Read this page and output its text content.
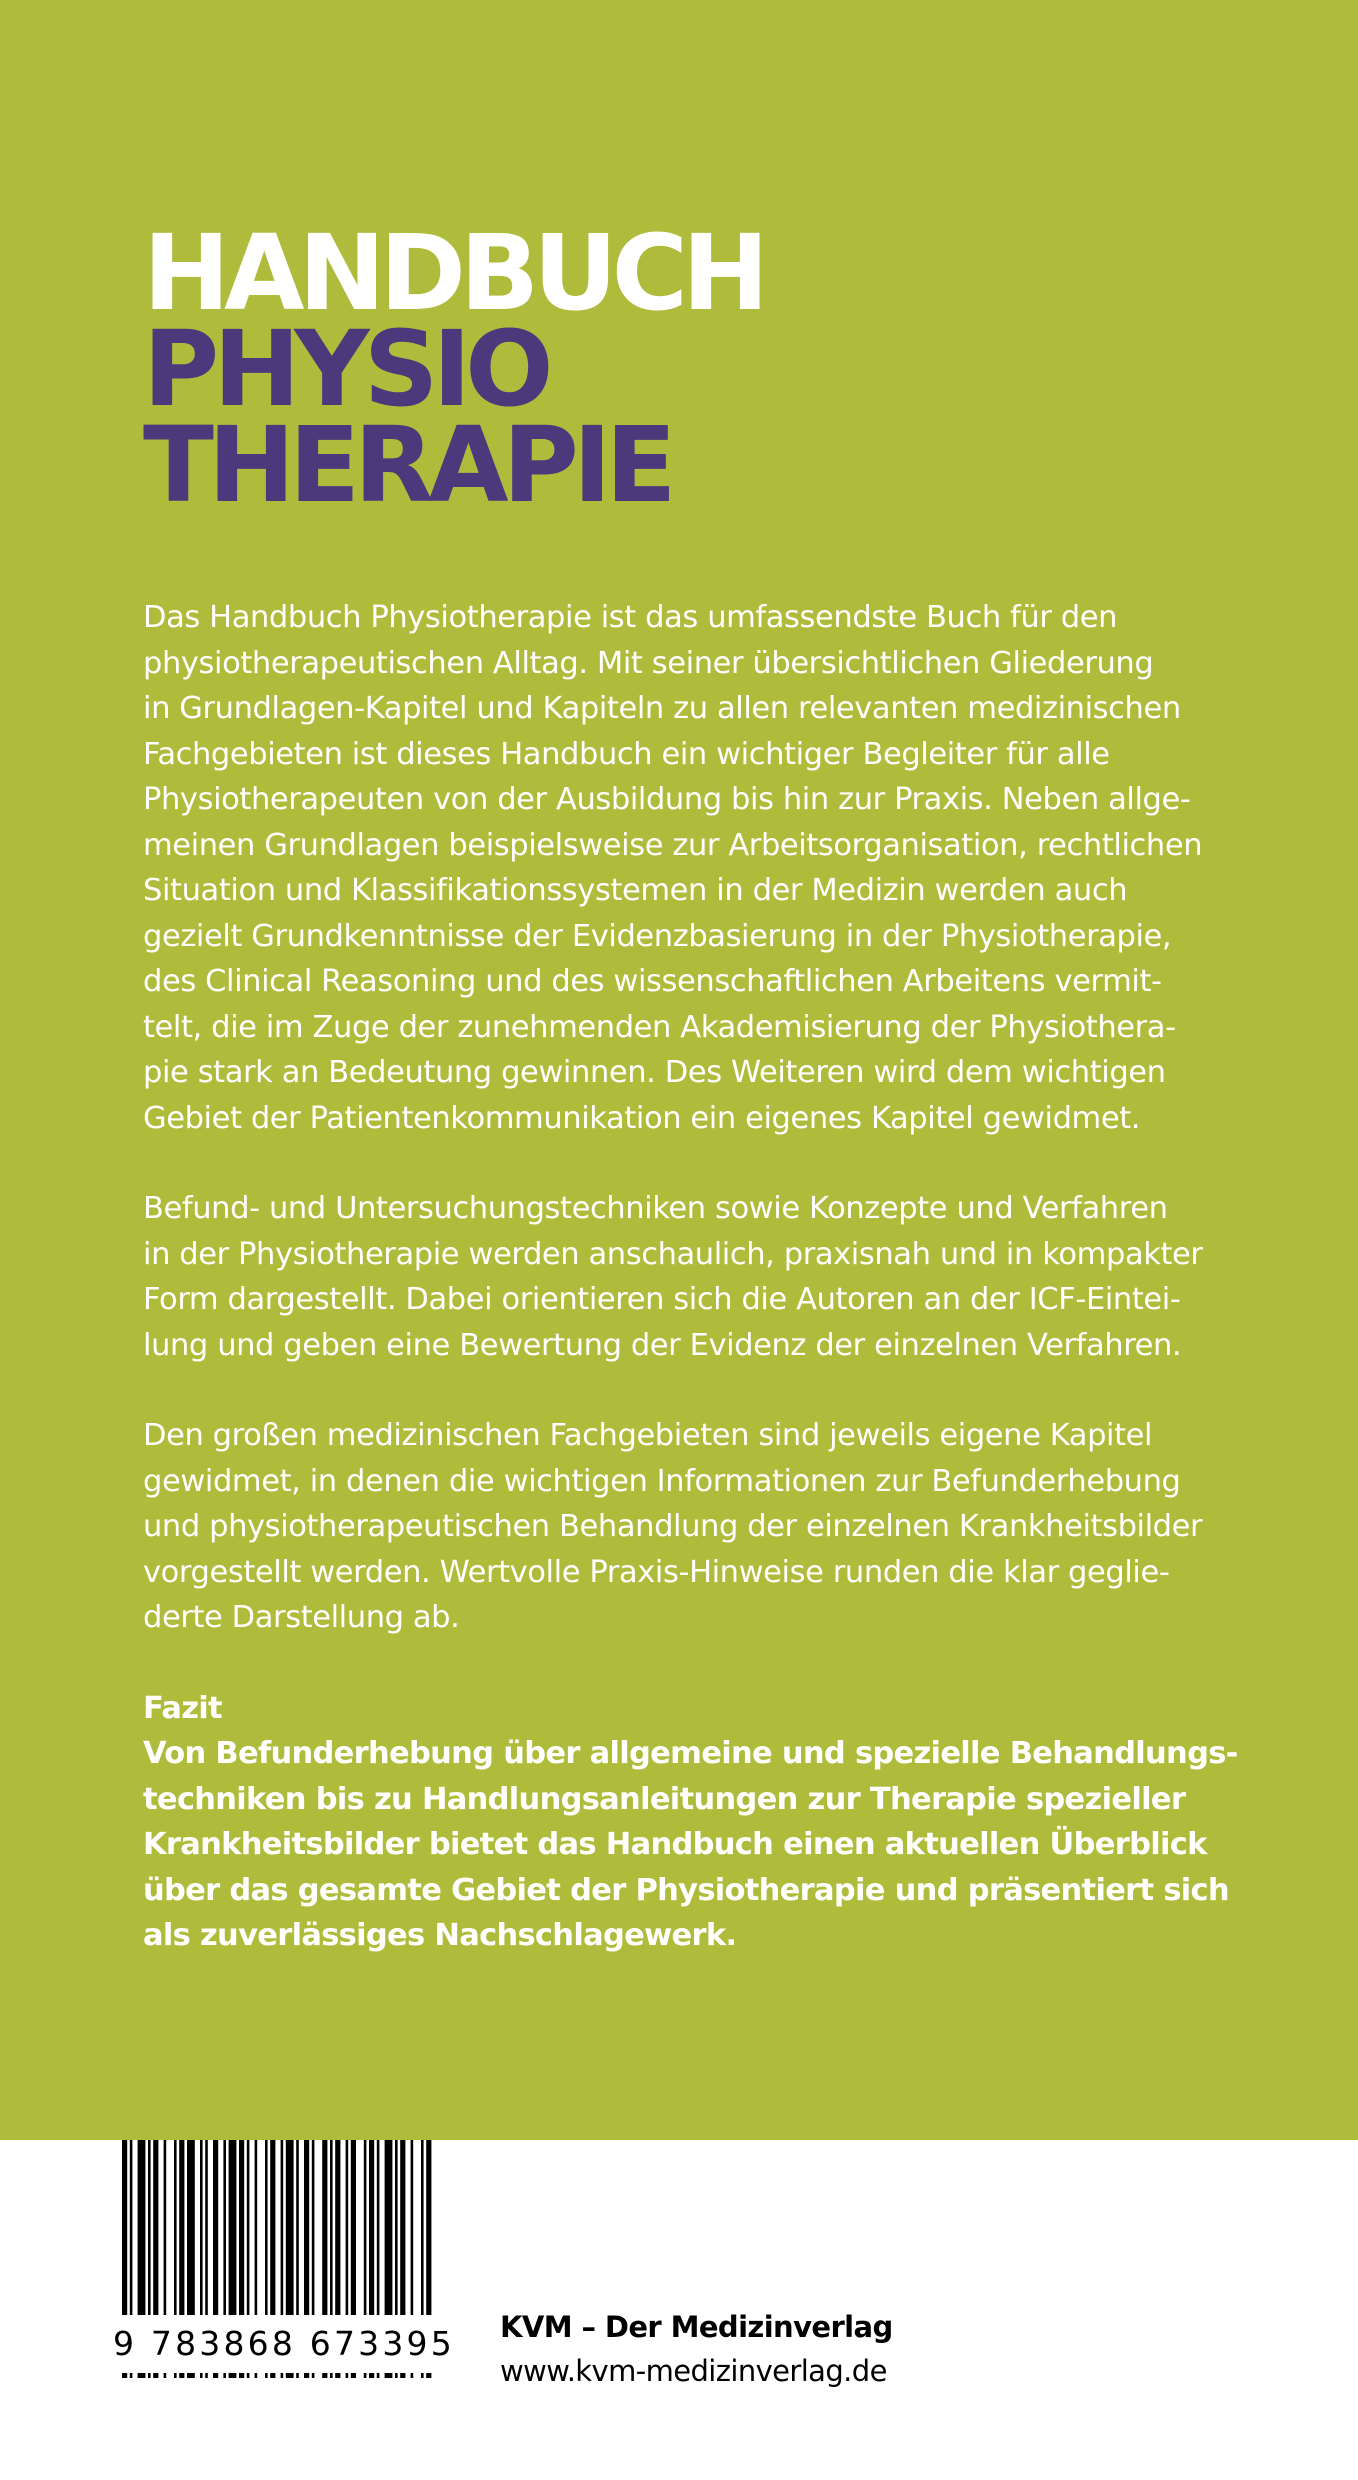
HANDBUCH
PHYSIO
THERAPIE

Das Handbuch Physiotherapie ist das umfassendste Buch für den
physiotherapeutischen Alltag. Mit seiner übersichtlichen Gliederung
in Grundlagen-Kapitel und Kapiteln zu allen relevanten medizinischen
Fachgebieten ist dieses Handbuch ein wichtiger Begleiter für alle
Physiotherapeuten von der Ausbildung bis hin zur Praxis. Neben allge-
meinen Grundlagen beispielsweise zur Arbeitsorganisation, rechtlichen
Situation und Klassifikationssystemen in der Medizin werden auch
gezielt Grundkenntnisse der Evidenzbasierung in der Physiotherapie,
des Clinical Reasoning und des wissenschaftlichen Arbeitens vermit-
telt, die im Zuge der zunehmenden Akademisierung der Physiothera-
pie stark an Bedeutung gewinnen. Des Weiteren wird dem wichtigen
Gebiet der Patientenkommunikation ein eigenes Kapitel gewidmet.

Befund- und Untersuchungstechniken sowie Konzepte und Verfahren
in der Physiotherapie werden anschaulich, praxisnah und in kompakter
Form dargestellt. Dabei orientieren sich die Autoren an der ICF-Eintei-
lung und geben eine Bewertung der Evidenz der einzelnen Verfahren.

Den großen medizinischen Fachgebieten sind jeweils eigene Kapitel
gewidmet, in denen die wichtigen Informationen zur Befunderhebung
und physiotherapeutischen Behandlung der einzelnen Krankheitsbilder
vorgestellt werden. Wertvolle Praxis-Hinweise runden die klar geglie-
derte Darstellung ab.

Fazit
Von Befunderhebung über allgemeine und spezielle Behandlungs-
techniken bis zu Handlungsanleitungen zur Therapie spezieller
Krankheitsbilder bietet das Handbuch einen aktuellen Überblick
über das gesamte Gebiet der Physiotherapie und präsentiert sich
als zuverlässiges Nachschlagewerk.
9 783868 673395 KVM – Der Medizinverlag
www.kvm-medizinverlag.de
